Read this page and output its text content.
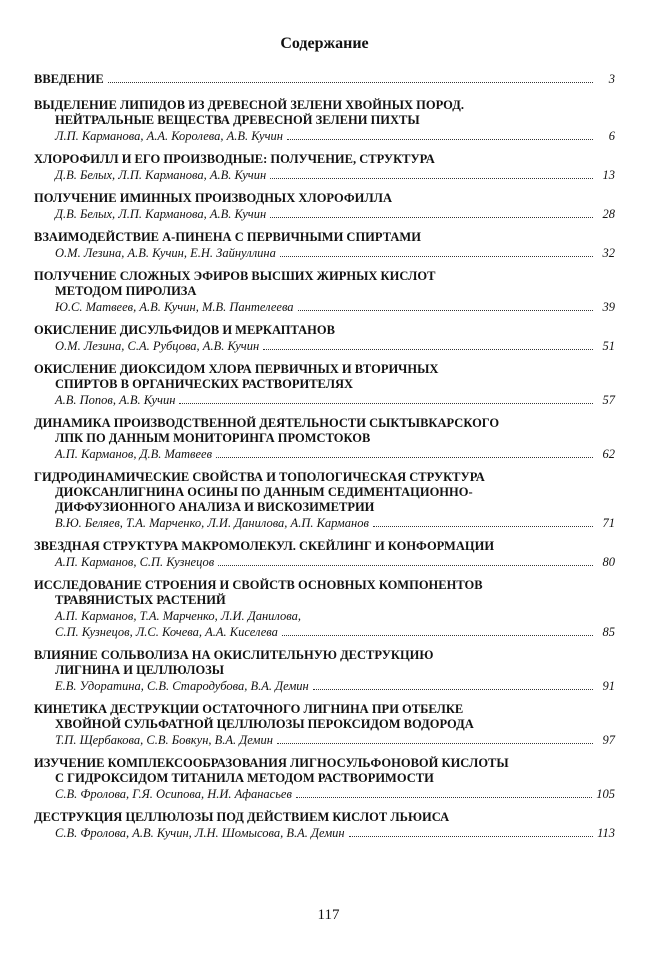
Содержание
ВВЕДЕНИЕ	3
ВЫДЕЛЕНИЕ ЛИПИДОВ ИЗ ДРЕВЕСНОЙ ЗЕЛЕНИ ХВОЙНЫХ ПОРОД.
НЕЙТРАЛЬНЫЕ ВЕЩЕСТВА ДРЕВЕСНОЙ ЗЕЛЕНИ ПИХТЫ
Л.П. Карманова, А.А. Королева, А.В. Кучин	6
ХЛОРОФИЛЛ И ЕГО ПРОИЗВОДНЫЕ: ПОЛУЧЕНИЕ, СТРУКТУРА
Д.В. Белых, Л.П. Карманова, А.В. Кучин	13
ПОЛУЧЕНИЕ ИМИННЫХ ПРОИЗВОДНЫХ ХЛОРОФИЛЛА
Д.В. Белых, Л.П. Карманова, А.В. Кучин	28
ВЗАИМОДЕЙСТВИЕ Α-ПИНЕНА С ПЕРВИЧНЫМИ СПИРТАМИ
О.М. Лезина, А.В. Кучин, Е.Н. Зайнуллина	32
ПОЛУЧЕНИЕ СЛОЖНЫХ ЭФИРОВ ВЫСШИХ ЖИРНЫХ КИСЛОТ
МЕТОДОМ ПИРОЛИЗА
Ю.С. Матвеев, А.В. Кучин, М.В. Пантелеева	39
ОКИСЛЕНИЕ ДИСУЛЬФИДОВ И МЕРКАПТАНОВ
О.М. Лезина, С.А. Рубцова, А.В. Кучин	51
ОКИСЛЕНИЕ ДИОКСИДОМ ХЛОРА ПЕРВИЧНЫХ И ВТОРИЧНЫХ
СПИРТОВ В ОРГАНИЧЕСКИХ РАСТВОРИТЕЛЯХ
А.В. Попов, А.В. Кучин	57
ДИНАМИКА ПРОИЗВОДСТВЕННОЙ ДЕЯТЕЛЬНОСТИ СЫКТЫВКАРСКОГО
ЛПК ПО ДАННЫМ МОНИТОРИНГА ПРОМСТОКОВ
А.П. Карманов, Д.В. Матвеев	62
ГИДРОДИНАМИЧЕСКИЕ СВОЙСТВА И ТОПОЛОГИЧЕСКАЯ СТРУКТУРА
ДИОКСАНЛИГНИНА ОСИНЫ ПО ДАННЫМ СЕДИМЕНТАЦИОННО-
ДИФФУЗИОННОГО АНАЛИЗА И ВИСКОЗИМЕТРИИ
В.Ю. Беляев, Т.А. Марченко, Л.И. Данилова, А.П. Карманов	71
ЗВЕЗДНАЯ СТРУКТУРА МАКРОМОЛЕКУЛ. СКЕЙЛИНГ И КОНФОРМАЦИИ
А.П. Карманов, С.П. Кузнецов	80
ИССЛЕДОВАНИЕ СТРОЕНИЯ И СВОЙСТВ ОСНОВНЫХ КОМПОНЕНТОВ
ТРАВЯНИСТЫХ РАСТЕНИЙ
А.П. Карманов, Т.А. Марченко, Л.И. Данилова,
С.П. Кузнецов, Л.С. Кочева, А.А. Киселева	85
ВЛИЯНИЕ СОЛЬВОЛИЗА НА ОКИСЛИТЕЛЬНУЮ ДЕСТРУКЦИЮ
ЛИГНИНА И ЦЕЛЛЮЛОЗЫ
Е.В. Удоратина, С.В. Стародубова, В.А. Демин	91
КИНЕТИКА ДЕСТРУКЦИИ ОСТАТОЧНОГО ЛИГНИНА ПРИ ОТБЕЛКЕ
ХВОЙНОЙ СУЛЬФАТНОЙ ЦЕЛЛЮЛОЗЫ ПЕРОКСИДОМ ВОДОРОДА
Т.П. Щербакова, С.В. Бовкун, В.А. Демин	97
ИЗУЧЕНИЕ КОМПЛЕКСООБРАЗОВАНИЯ ЛИГНОСУЛЬФОНОВОЙ КИСЛОТЫ
С ГИДРОКСИДОМ ТИТАНИЛА МЕТОДОМ РАСТВОРИМОСТИ
С.В. Фролова, Г.Я. Осипова, Н.И. Афанасьев	105
ДЕСТРУКЦИЯ ЦЕЛЛЮЛОЗЫ ПОД ДЕЙСТВИЕМ КИСЛОТ ЛЬЮИСА
С.В. Фролова, А.В. Кучин, Л.Н. Шомысова, В.А. Демин	113
117
